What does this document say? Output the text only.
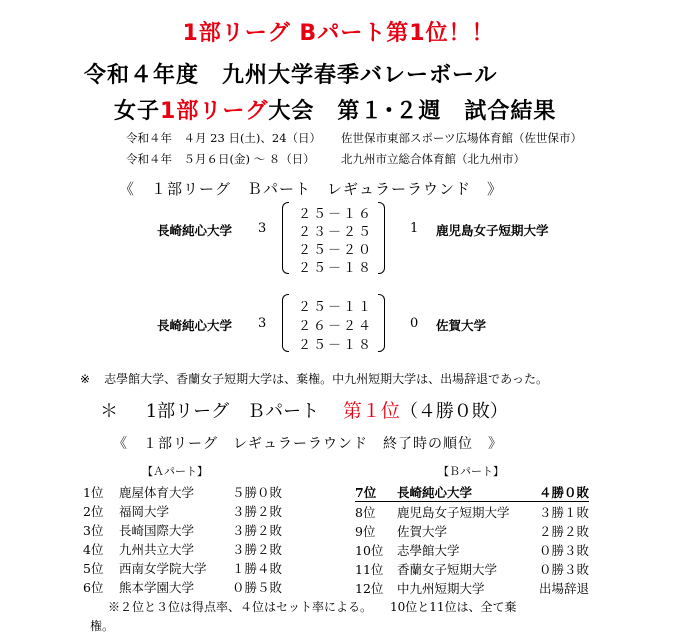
1部リーグ Bパート第1位！！
令和４年度　九州大学春季バレーボール
女子1部リーグ大会　第１･２週　試合結果
令和４年　４月 23 日(土)、24（日） 佐世保市東部スポーツ広場体育館（佐世保市）
令和４年　５月６日(金) ～ ８（日） 北九州市立総合体育館（北九州市）
《　１部リーグ　Ｂパート　レギュラーラウンド　》
長崎純心大学 3
２５－１６
２３－２５
２５－２０
２５－１８
1 鹿児島女子短期大学
長崎純心大学 3
２５－１１
２６－２４
２５－１８
0 佐賀大学
※ 志學館大学、香蘭女子短期大学は、棄権。中九州短期大学は、出場辞退であった。
＊ 1部リーグ　Ｂパート 第１位（４勝０敗）
《　１部リーグ　レギュラーラウンド　終了時の順位　》
【Ａパート】	【Ｂパート】
1位	鹿屋体育大学	５勝０敗
2位	福岡大学	３勝２敗
3位	長崎国際大学	３勝２敗
4位	九州共立大学	３勝２敗
5位	西南女学院大学	１勝４敗
6位	熊本学園大学	０勝５敗
7位	長崎純心大学	４勝０敗
8位	鹿児島女子短期大学	３勝１敗
9位	佐賀大学	２勝２敗
10位	志學館大学	０勝３敗
11位	香蘭女子短期大学	０勝３敗
12位	中九州短期大学	出場辞退
※２位と３位は得点率、４位はセット率による。　　10位と11位は、全て棄
権。
